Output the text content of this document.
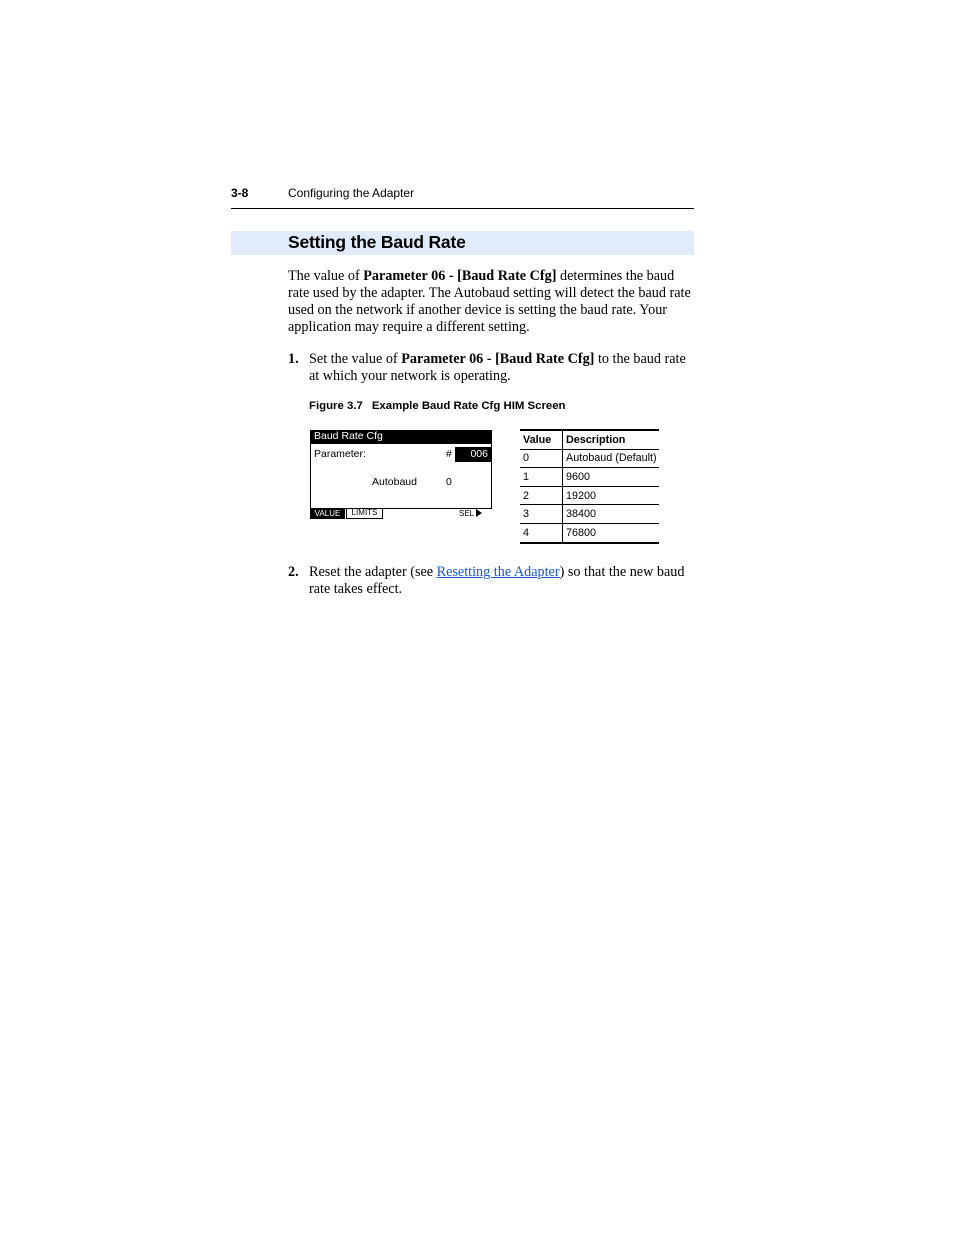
3-8	Configuring the Adapter
Setting the Baud Rate

The value of Parameter 06 - [Baud Rate Cfg] determines the baud rate used by the adapter. The Autobaud setting will detect the baud rate used on the network if another device is setting the baud rate. Your application may require a different setting.

1. Set the value of Parameter 06 - [Baud Rate Cfg] to the baud rate at which your network is operating.

Figure 3.7 Example Baud Rate Cfg HIM Screen
Baud Rate Cfg
Parameter:	# 006
Autobaud	0
VALUE	LIMITS	SEL
Value	Description
0	Autobaud (Default)
1	9600
2	19200
3	38400
4	76800
2. Reset the adapter (see Resetting the Adapter) so that the new baud rate takes effect.
